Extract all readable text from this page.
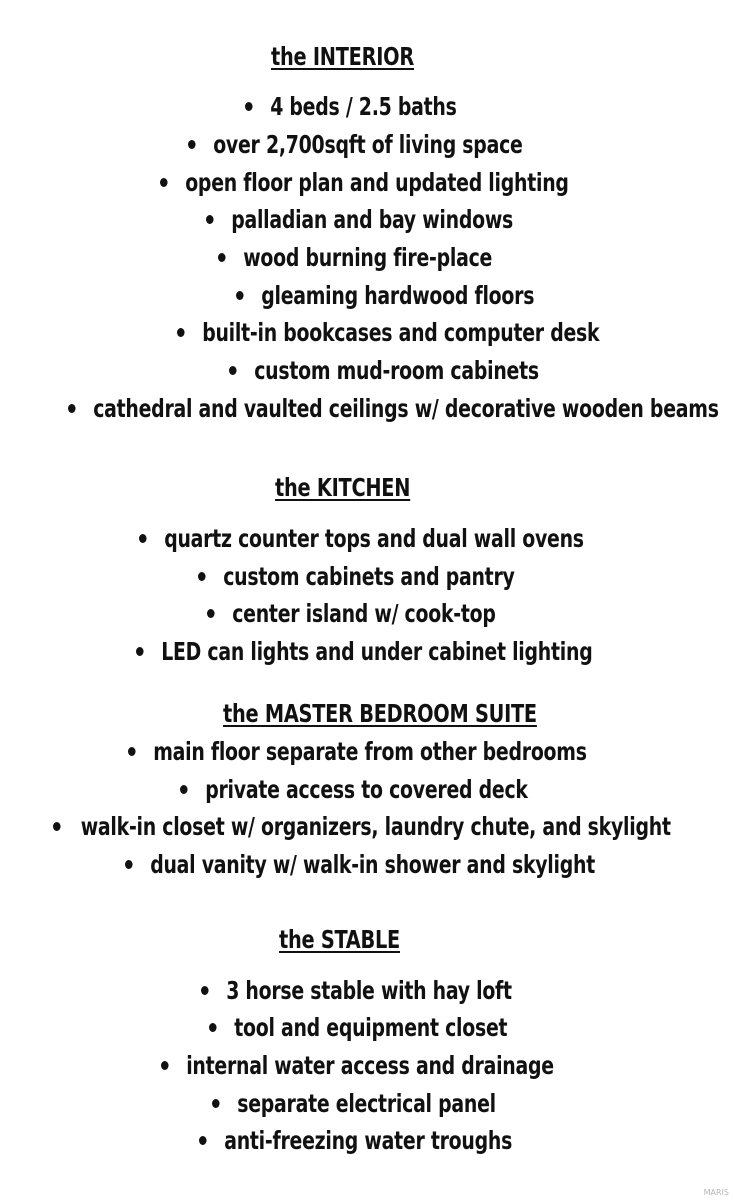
the INTERIOR
4 beds / 2.5 baths
over 2,700sqft of living space
open floor plan and updated lighting
palladian and bay windows
wood burning fire-place
gleaming hardwood floors
built-in bookcases and computer desk
custom mud-room cabinets
cathedral and vaulted ceilings w/ decorative wooden beams
the KITCHEN
quartz counter tops and dual wall ovens
custom cabinets and pantry
center island w/ cook-top
LED can lights and under cabinet lighting
the MASTER BEDROOM SUITE
main floor separate from other bedrooms
private access to covered deck
walk-in closet w/ organizers, laundry chute, and skylight
dual vanity w/ walk-in shower and skylight
the STABLE
3 horse stable with hay loft
tool and equipment closet
internal water access and drainage
separate electrical panel
anti-freezing water troughs
MARIS
